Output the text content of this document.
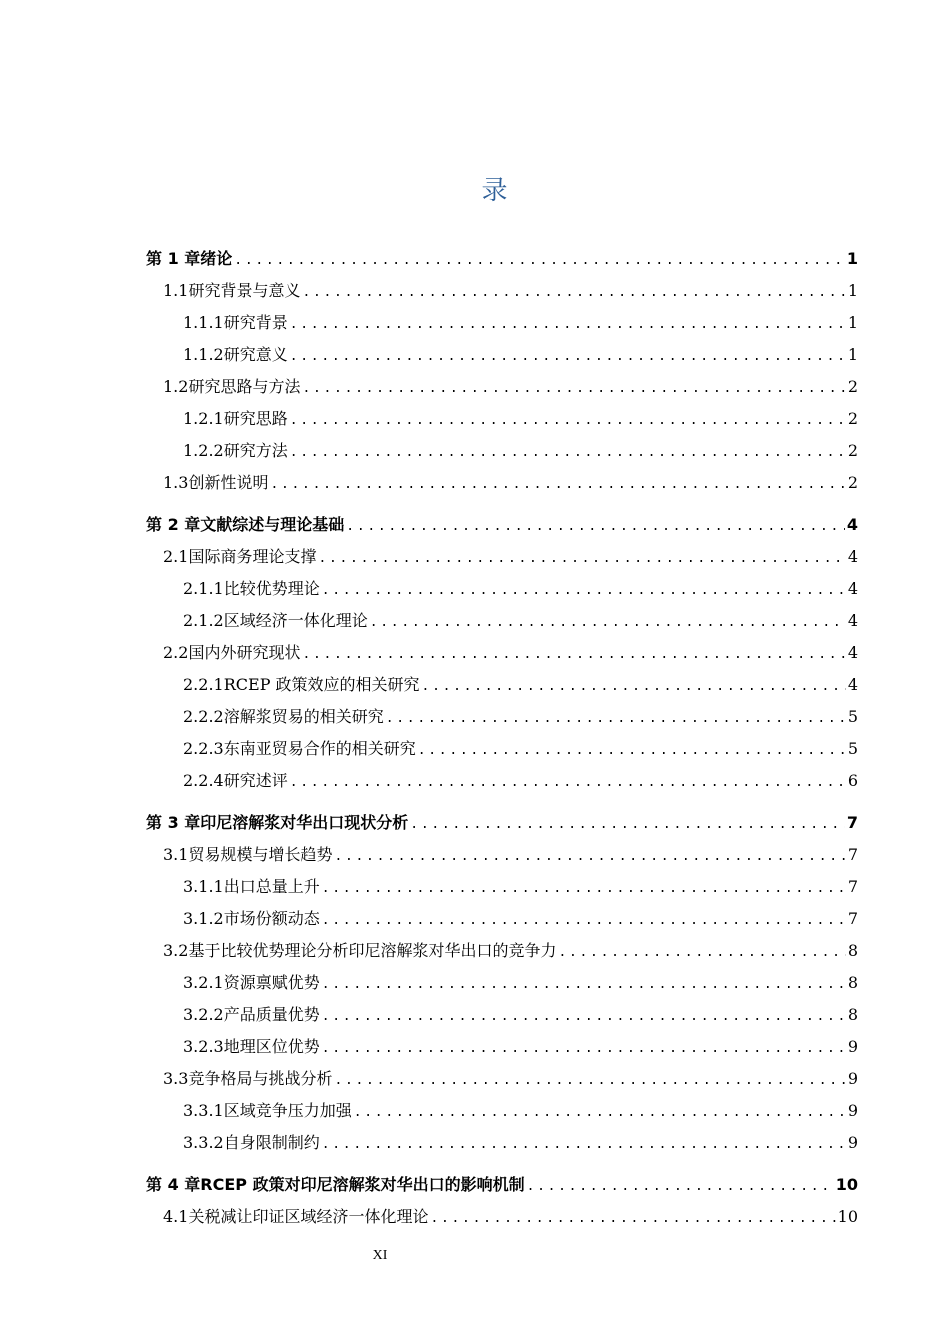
录
第 1 章 绪论 .....	1
1.1 研究背景与意义 .....	1
1.1.1 研究背景 .....	1
1.1.2 研究意义 .....	1
1.2 研究思路与方法 .....	2
1.2.1 研究思路 .....	2
1.2.2 研究方法 .....	2
1.3 创新性说明 .....	2
第 2 章 文献综述与理论基础 .....	4
2.1 国际商务理论支撑 .....	4
2.1.1 比较优势理论 .....	4
2.1.2 区域经济一体化理论 .....	4
2.2 国内外研究现状 .....	4
2.2.1 RCEP 政策效应的相关研究 .....	4
2.2.2 溶解浆贸易的相关研究 .....	5
2.2.3 东南亚贸易合作的相关研究 .....	5
2.2.4 研究述评 .....	6
第 3 章 印尼溶解浆对华出口现状分析 .....	7
3.1 贸易规模与增长趋势 .....	7
3.1.1 出口总量上升 .....	7
3.1.2 市场份额动态 .....	7
3.2 基于比较优势理论分析印尼溶解浆对华出口的竞争力 .....	8
3.2.1 资源禀赋优势 .....	8
3.2.2 产品质量优势 .....	8
3.2.3 地理区位优势 .....	9
3.3 竞争格局与挑战分析 .....	9
3.3.1 区域竞争压力加强 .....	9
3.3.2 自身限制制约 .....	9
第 4 章 RCEP 政策对印尼溶解浆对华出口的影响机制 .....	10
4.1 关税减让印证区域经济一体化理论 .....	10
XI
